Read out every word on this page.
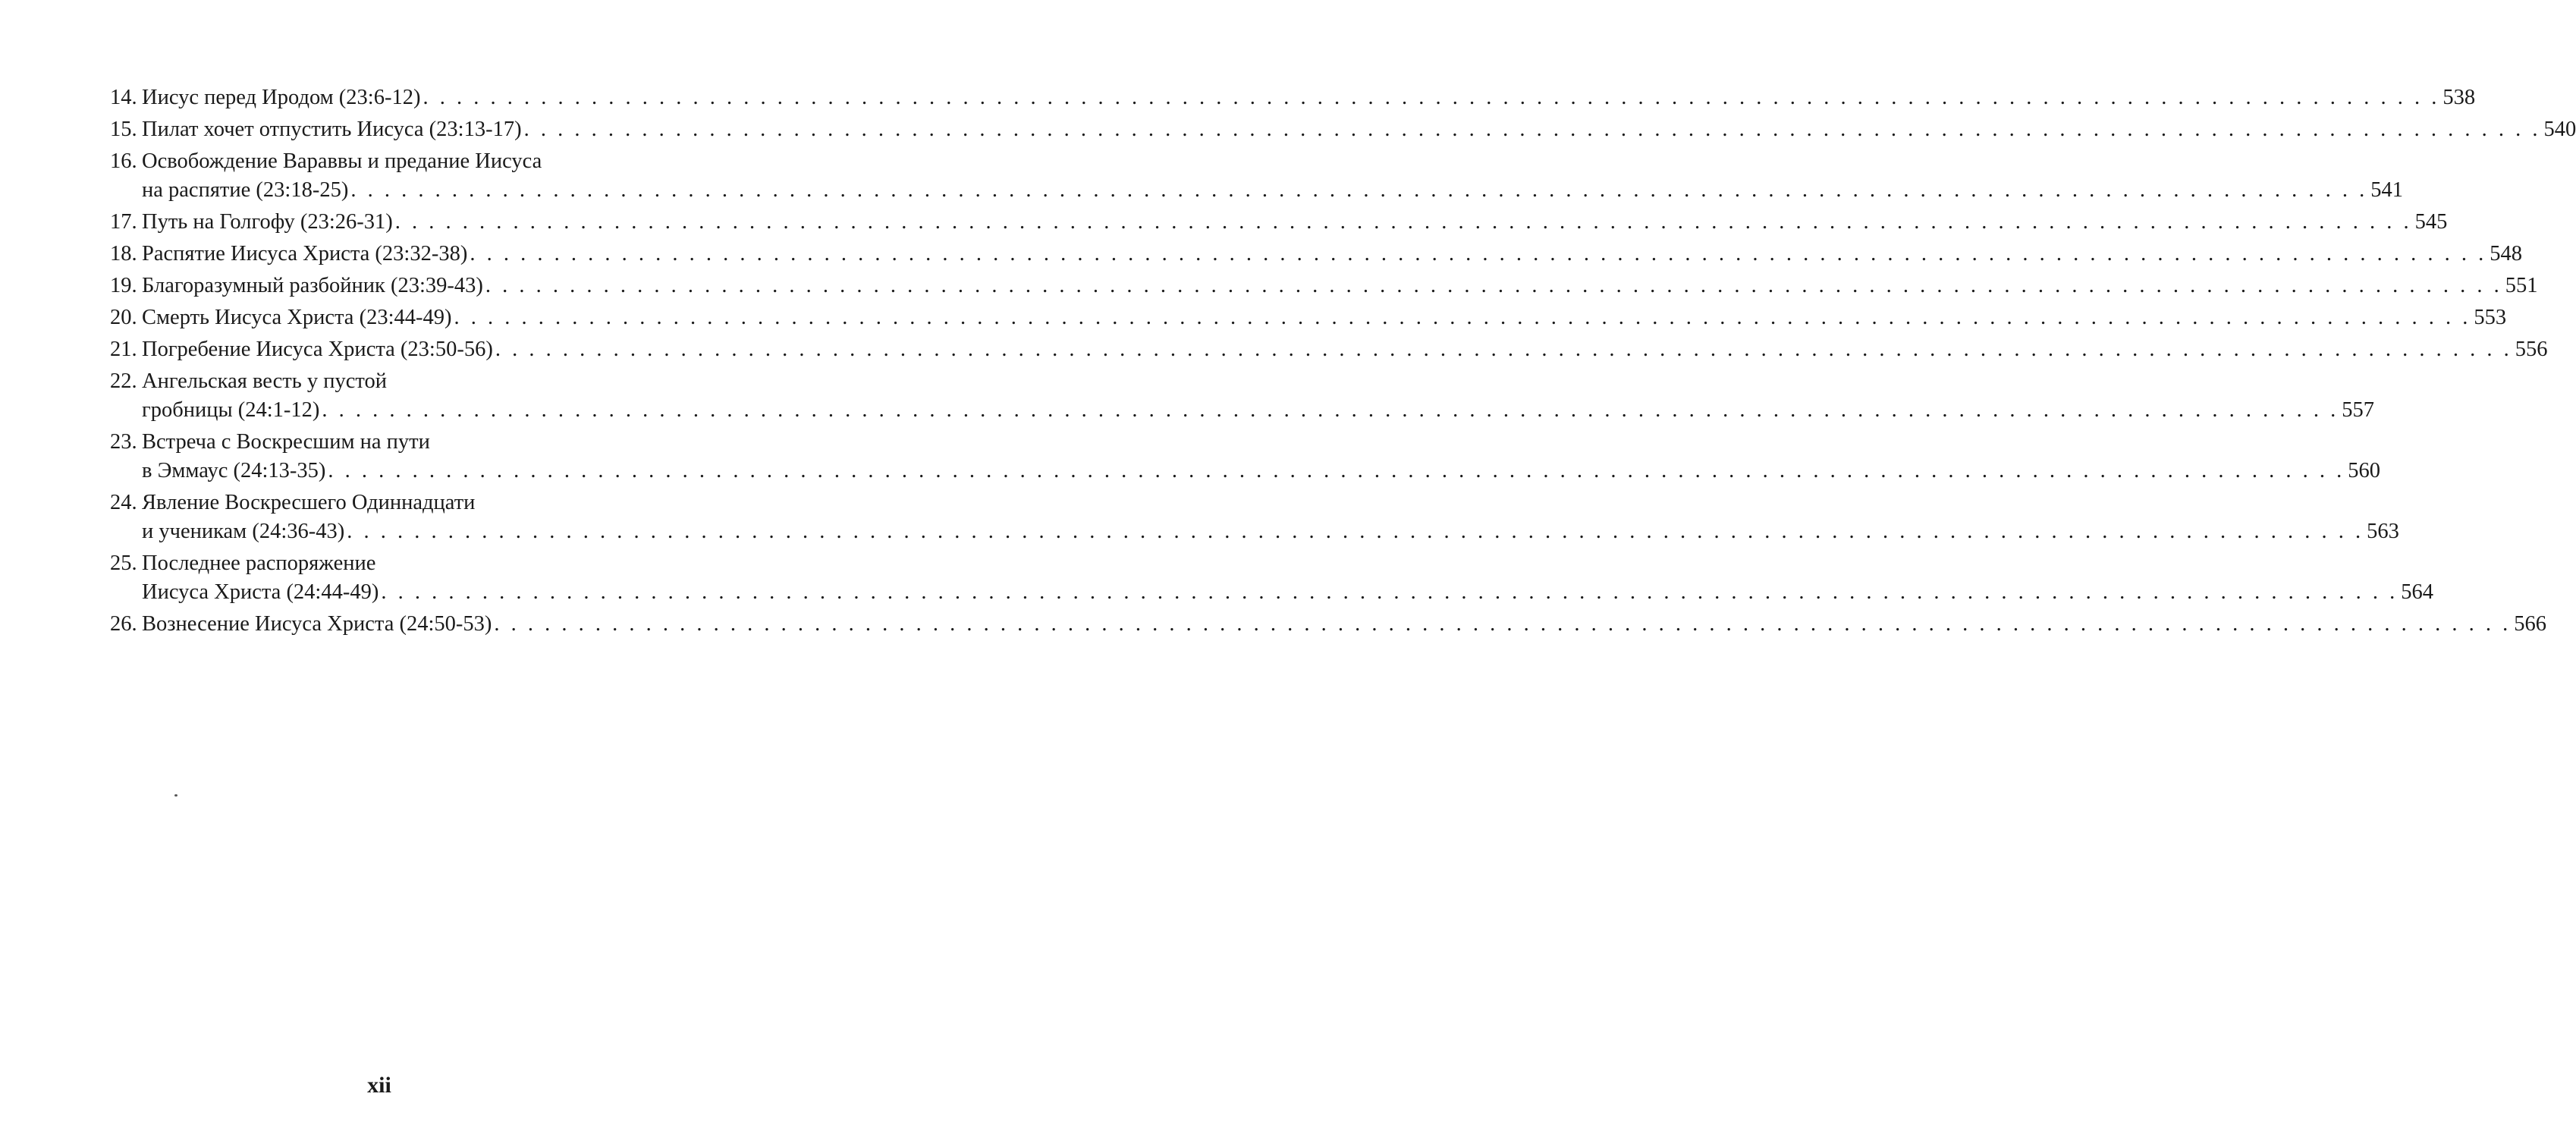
14. Иисус перед Иродом (23:6-12) . . . . . . . . . . . . . . . . . . . . . . . . . . . . . . . . . . . . . . . . . . . . . . . . . . . . . . . . . . . . . . . . . . . . . . . . . . . . . . . . . . . . . . . . . . . . . . . . . . . . . . . . . . . . . . . . . . . . . . . . 538
15. Пилат хочет отпустить Иисуса (23:13-17) . . . . . . . . . . . . . . . . . . . . . . . . . . . . . . . . . . . . . . . . . . . . . . . . . . . . . . . . . . . . . . . . . . . . . . . . . . . . . . . . . . . . . . . . . . . . . . . . . . . . . . . . . . . . . . . . . . . . . . . . 540
16. Освобождение Вараввы и предание Иисуса
на распятие (23:18-25) . . . . . . . . . . . . . . . . . . . . . . . . . . . . . . . . . . . . . . . . . . . . . . . . . . . . . . . . . . . . . . . . . . . . . . . . . . . . . . . . . . . . . . . . . . . . . . . . . . . . . . . . . . . . . . . . . . . . . . . . 541
17. Путь на Голгофу (23:26-31) . . . . . . . . . . . . . . . . . . . . . . . . . . . . . . . . . . . . . . . . . . . . . . . . . . . . . . . . . . . . . . . . . . . . . . . . . . . . . . . . . . . . . . . . . . . . . . . . . . . . . . . . . . . . . . . . . . . . . . . . 545
18. Распятие Иисуса Христа (23:32-38) . . . . . . . . . . . . . . . . . . . . . . . . . . . . . . . . . . . . . . . . . . . . . . . . . . . . . . . . . . . . . . . . . . . . . . . . . . . . . . . . . . . . . . . . . . . . . . . . . . . . . . . . . . . . . . . . . . . . . . . . 548
19. Благоразумный разбойник (23:39-43) . . . . . . . . . . . . . . . . . . . . . . . . . . . . . . . . . . . . . . . . . . . . . . . . . . . . . . . . . . . . . . . . . . . . . . . . . . . . . . . . . . . . . . . . . . . . . . . . . . . . . . . . . . . . . . . . . . . . . . . . 551
20. Смерть Иисуса Христа (23:44-49) . . . . . . . . . . . . . . . . . . . . . . . . . . . . . . . . . . . . . . . . . . . . . . . . . . . . . . . . . . . . . . . . . . . . . . . . . . . . . . . . . . . . . . . . . . . . . . . . . . . . . . . . . . . . . . . . . . . . . . . . 553
21. Погребение Иисуса Христа (23:50-56) . . . . . . . . . . . . . . . . . . . . . . . . . . . . . . . . . . . . . . . . . . . . . . . . . . . . . . . . . . . . . . . . . . . . . . . . . . . . . . . . . . . . . . . . . . . . . . . . . . . . . . . . . . . . . . . . . . . . . . . . 556
22. Ангельская весть у пустой
гробницы (24:1-12) . . . . . . . . . . . . . . . . . . . . . . . . . . . . . . . . . . . . . . . . . . . . . . . . . . . . . . . . . . . . . . . . . . . . . . . . . . . . . . . . . . . . . . . . . . . . . . . . . . . . . . . . . . . . . . . . . . . . . . . . 557
23. Встреча с Воскресшим на пути
в Эммаус (24:13-35) . . . . . . . . . . . . . . . . . . . . . . . . . . . . . . . . . . . . . . . . . . . . . . . . . . . . . . . . . . . . . . . . . . . . . . . . . . . . . . . . . . . . . . . . . . . . . . . . . . . . . . . . . . . . . . . . . . . . . . . . 560
24. Явление Воскресшего Одиннадцати
и ученикам (24:36-43) . . . . . . . . . . . . . . . . . . . . . . . . . . . . . . . . . . . . . . . . . . . . . . . . . . . . . . . . . . . . . . . . . . . . . . . . . . . . . . . . . . . . . . . . . . . . . . . . . . . . . . . . . . . . . . . . . . . . . . . . 563
25. Последнее распоряжение
Иисуса Христа (24:44-49) . . . . . . . . . . . . . . . . . . . . . . . . . . . . . . . . . . . . . . . . . . . . . . . . . . . . . . . . . . . . . . . . . . . . . . . . . . . . . . . . . . . . . . . . . . . . . . . . . . . . . . . . . . . . . . . . . . . . . . . . 564
26. Вознесение Иисуса Христа (24:50-53) . . . . . . . . . . . . . . . . . . . . . . . . . . . . . . . . . . . . . . . . . . . . . . . . . . . . . . . . . . . . . . . . . . . . . . . . . . . . . . . . . . . . . . . . . . . . . . . . . . . . . . . . . . . . . . . . . . . . . . . . 566
xii
